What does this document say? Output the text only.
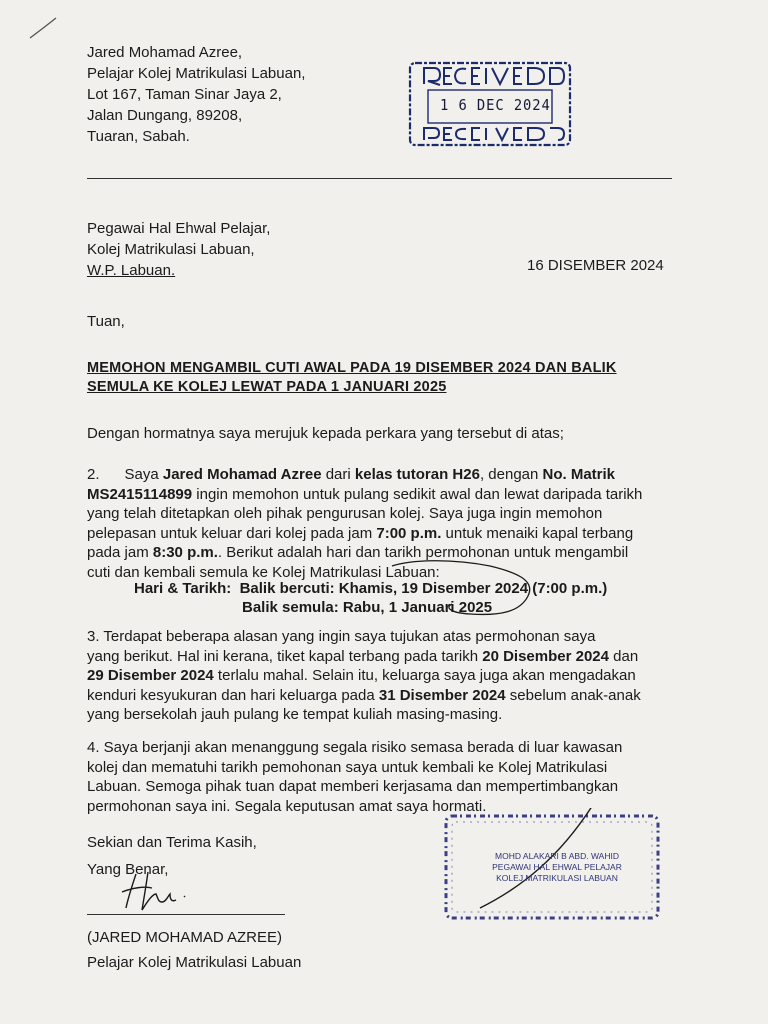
Jared Mohamad Azree,
Pelajar Kolej Matrikulasi Labuan,
Lot 167, Taman Sinar Jaya 2,
Jalan Dungang, 89208,
Tuaran, Sabah.
1 6 DEC 2024
Pegawai Hal Ehwal Pelajar,
Kolej Matrikulasi Labuan,
W.P. Labuan.	16 DISEMBER 2024
Tuan,
MEMOHON MENGAMBIL CUTI AWAL PADA 19 DISEMBER 2024 DAN BALIK
SEMULA KE KOLEJ LEWAT PADA 1 JANUARI 2025
Dengan hormatnya saya merujuk kepada perkara yang tersebut di atas;
2.      Saya Jared Mohamad Azree dari kelas tutoran H26, dengan No. Matrik
MS2415114899 ingin memohon untuk pulang sedikit awal dan lewat daripada tarikh
yang telah ditetapkan oleh pihak pengurusan kolej. Saya juga ingin memohon
pelepasan untuk keluar dari kolej pada jam 7:00 p.m. untuk menaiki kapal terbang
pada jam 8:30 p.m.. Berikut adalah hari dan tarikh permohonan untuk mengambil
cuti dan kembali semula ke Kolej Matrikulasi Labuan:
Hari & Tarikh: Balik bercuti: Khamis, 19 Disember 2024 (7:00 p.m.)
Balik semula: Rabu, 1 Januari 2025
3. Terdapat beberapa alasan yang ingin saya tujukan atas permohonan saya
yang berikut. Hal ini kerana, tiket kapal terbang pada tarikh 20 Disember 2024 dan
29 Disember 2024 terlalu mahal. Selain itu, keluarga saya juga akan mengadakan
kenduri kesyukuran dan hari keluarga pada 31 Disember 2024 sebelum anak-anak
yang bersekolah jauh pulang ke tempat kuliah masing-masing.
4. Saya berjanji akan menanggung segala risiko semasa berada di luar kawasan
kolej dan mematuhi tarikh pemohonan saya untuk kembali ke Kolej Matrikulasi
Labuan. Semoga pihak tuan dapat memberi kerjasama dan mempertimbangkan
permohonan saya ini. Segala keputusan amat saya hormati.
Sekian dan Terima Kasih,
Yang Benar,
(JARED MOHAMAD AZREE)
Pelajar Kolej Matrikulasi Labuan
MOHD ALAKARI B ABD. WAHID
PEGAWAI HAL EHWAL PELAJAR
KOLEJ MATRIKULASI LABUAN
